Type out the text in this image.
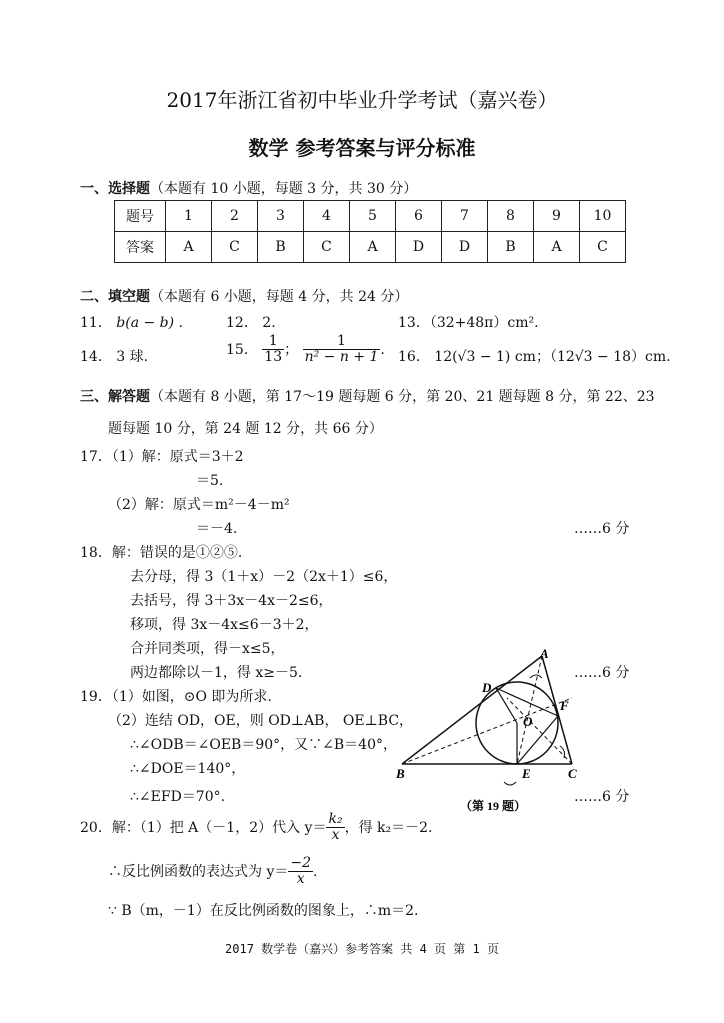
2017年浙江省初中毕业升学考试（嘉兴卷）
数学 参考答案与评分标准
一、选择题（本题有 10 小题，每题 3 分，共 30 分）
题号	1	2	3	4	5	6	7	8	9	10
答案	A	C	B	C	A	D	D	B	A	C
二、填空题（本题有 6 小题，每题 4 分，共 24 分）
11． b(a − b) .	12． 2.	13．（32+48π）cm².
14． 3 球.	15． $\frac{1}{13}$ ； $\frac{1}{\text{n² − n + 1}}$ . 16． 12(√3 − 1) cm；（12√3 − 18）cm.
三、解答题（本题有 8 小题，第 17～19 题每题 6 分，第 20、21 题每题 8 分，第 22、23
题每题 10 分，第 24 题 12 分，共 66 分）
17．（1）解：原式＝3＋2
＝5.
（2）解：原式＝m²－4－m²
＝－4.	……6 分
18．解：错误的是①②⑤.
去分母，得 3（1＋x）－2（2x＋1）≤6，
去括号，得 3＋3x－4x－2≤6，
移项，得 3x－4x≤6－3＋2，
合并同类项，得－x≤5，
两边都除以－1，得 x≥－5.	……6 分
19．（1）如图，⊙O 即为所求.
（2）连结 OD，OE，则 OD⊥AB， OE⊥BC，
∴∠ODB＝∠OEB＝90°，又∵∠B＝40°，
∴∠DOE＝140°，
∴∠EFD＝70°.	……6 分
A
B	C
D
E
F
O
（第 19 题）
20．解：（1）把 A（－1，2）代入 $y= \frac{\text{k₂}}{x}$ ，得 k₂＝－2.
∴反比例函数的表达式为 $y= \frac{-2}{x}$ .
∵ B（m，－1）在反比例函数的图象上，∴m＝2.
2017 数学卷（嘉兴）参考答案 共 4 页 第 1 页
